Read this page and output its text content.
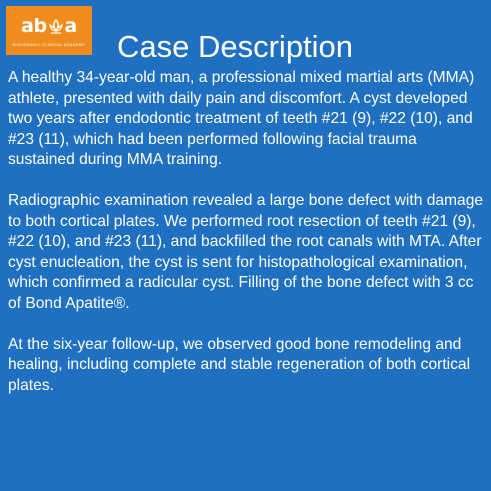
ab a
BIOCERAMIC CLINICAL ACADEMY Case Description

A healthy 34-year-old man, a professional mixed martial arts (MMA) athlete, presented with daily pain and discomfort. A cyst developed two years after endodontic treatment of teeth #21 (9), #22 (10), and #23 (11), which had been performed following facial trauma sustained during MMA training.

Radiographic examination revealed a large bone defect with damage to both cortical plates. We performed root resection of teeth #21 (9), #22 (10), and #23 (11), and backfilled the root canals with MTA. After cyst enucleation, the cyst is sent for histopathological examination, which confirmed a radicular cyst. Filling of the bone defect with 3 cc of Bond Apatite®.

At the six-year follow-up, we observed good bone remodeling and healing, including complete and stable regeneration of both cortical plates.
